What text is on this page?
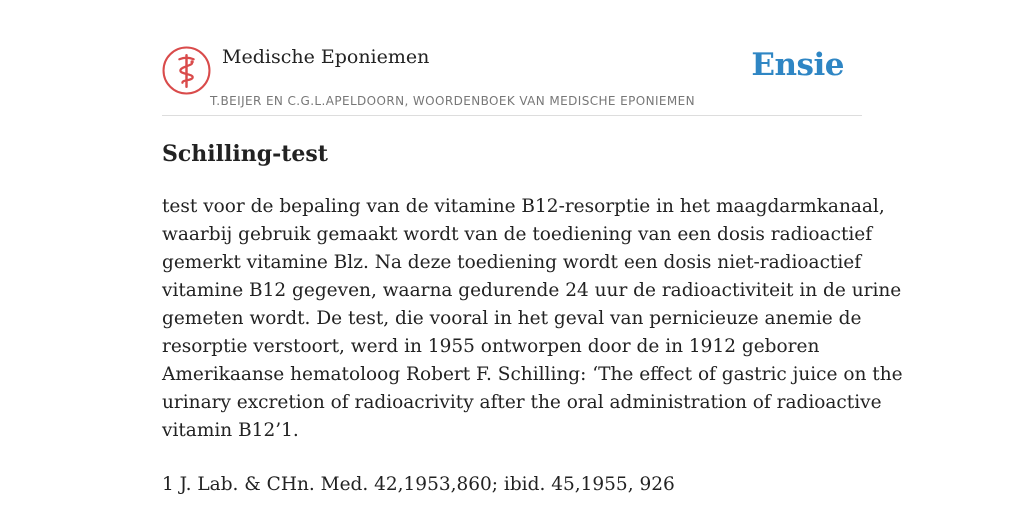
Medische Eponiemen
T.BEIJER EN C.G.L.APELDOORN, WOORDENBOEK VAN MEDISCHE EPONIEMEN
Ensie
Schilling-test
test voor de bepaling van de vitamine B12-resorptie in het maagdarmkanaal,
waarbij gebruik gemaakt wordt van de toediening van een dosis radioactief
gemerkt vitamine Blz. Na deze toediening wordt een dosis niet-radioactief
vitamine B12 gegeven, waarna gedurende 24 uur de radioactiviteit in de urine
gemeten wordt. De test, die vooral in het geval van pernicieuze anemie de
resorptie verstoort, werd in 1955 ontworpen door de in 1912 geboren
Amerikaanse hematoloog Robert F. Schilling: ‘The effect of gastric juice on the
urinary excretion of radioacrivity after the oral administration of radioactive
vitamin B12’1.
1 J. Lab. & CHn. Med. 42,1953,860; ibid. 45,1955, 926
